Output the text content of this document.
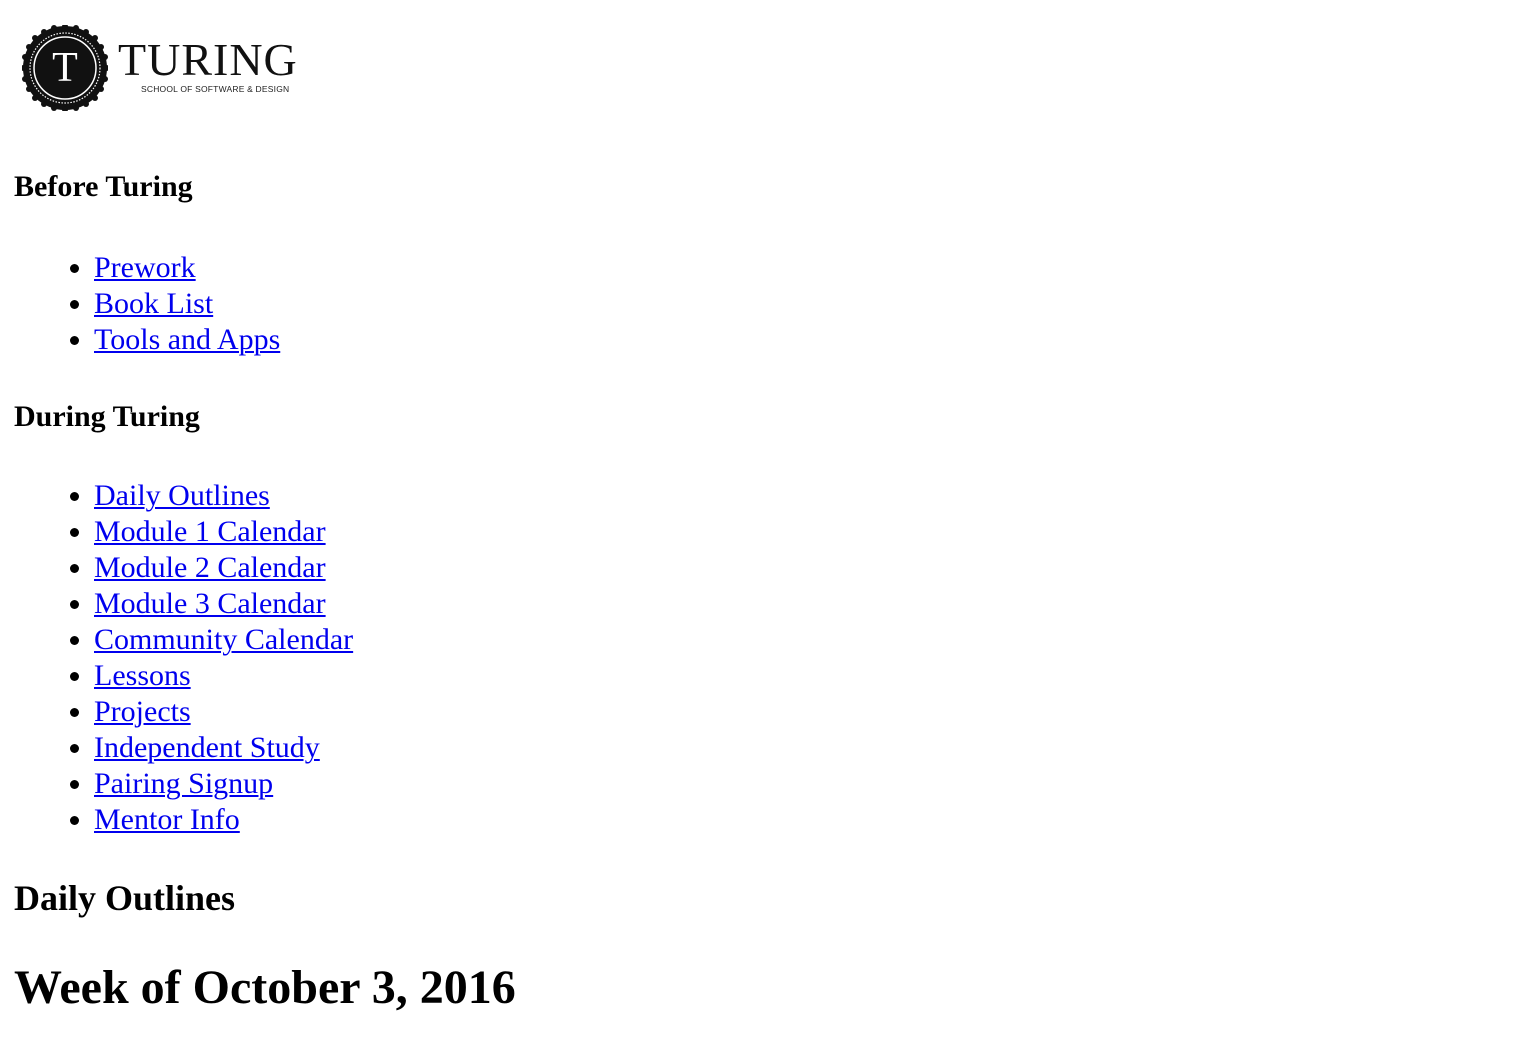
T TURING
SCHOOL OF SOFTWARE & DESIGN
Before Turing
• Prework
• Book List
• Tools and Apps
During Turing
• Daily Outlines
• Module 1 Calendar
• Module 2 Calendar
• Module 3 Calendar
• Community Calendar
• Lessons
• Projects
• Independent Study
• Pairing Signup
• Mentor Info
Daily Outlines
Week of October 3, 2016
